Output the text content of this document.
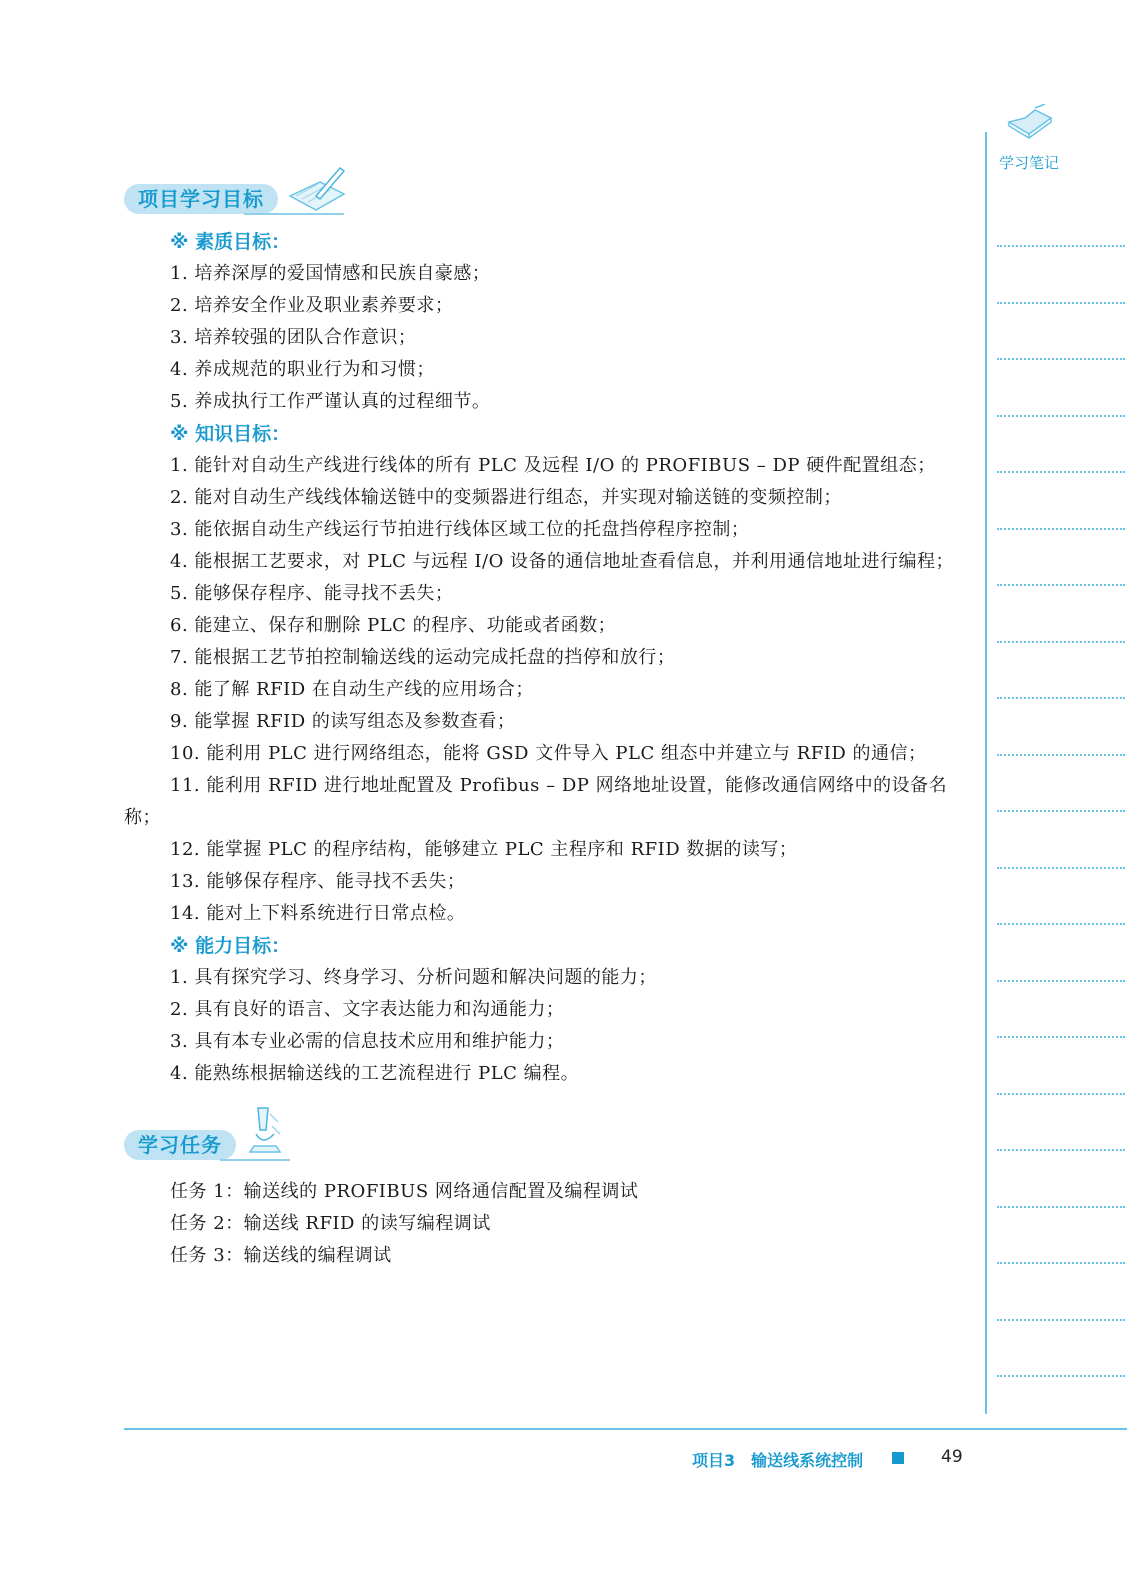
学习笔记
项目学习目标
※ 素质目标：

1. 培养深厚的爱国情感和民族自豪感；

2. 培养安全作业及职业素养要求；

3. 培养较强的团队合作意识；

4. 养成规范的职业行为和习惯；

5. 养成执行工作严谨认真的过程细节。

※ 知识目标：

1. 能针对自动生产线进行线体的所有 PLC 及远程 I/O 的 PROFIBUS – DP 硬件配置组态；

2. 能对自动生产线线体输送链中的变频器进行组态，并实现对输送链的变频控制；

3. 能依据自动生产线运行节拍进行线体区域工位的托盘挡停程序控制；

4. 能根据工艺要求，对 PLC 与远程 I/O 设备的通信地址查看信息，并利用通信地址进行编程；

5. 能够保存程序、能寻找不丢失；

6. 能建立、保存和删除 PLC 的程序、功能或者函数；

7. 能根据工艺节拍控制输送线的运动完成托盘的挡停和放行；

8. 能了解 RFID 在自动生产线的应用场合；

9. 能掌握 RFID 的读写组态及参数查看；

10. 能利用 PLC 进行网络组态，能将 GSD 文件导入 PLC 组态中并建立与 RFID 的通信；

11. 能利用 RFID 进行地址配置及 Profibus – DP 网络地址设置，能修改通信网络中的设备名称；

12. 能掌握 PLC 的程序结构，能够建立 PLC 主程序和 RFID 数据的读写；

13. 能够保存程序、能寻找不丢失；

14. 能对上下料系统进行日常点检。

※ 能力目标：

1. 具有探究学习、终身学习、分析问题和解决问题的能力；

2. 具有良好的语言、文字表达能力和沟通能力；

3. 具有本专业必需的信息技术应用和维护能力；

4. 能熟练根据输送线的工艺流程进行 PLC 编程。

学习任务

任务 1：输送线的 PROFIBUS 网络通信配置及编程调试

任务 2：输送线 RFID 的读写编程调试

任务 3：输送线的编程调试

项目3 输送线系统控制	49
